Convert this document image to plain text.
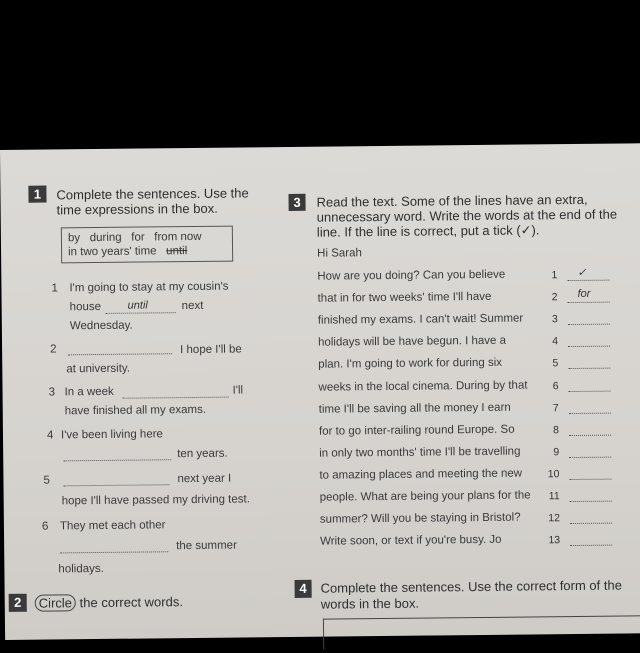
1	Complete the sentences. Use the
time expressions in the box.
by during for from now
in two years' time until
1 I'm going to stay at my cousin's
house until	next
Wednesday.
2	I hope I'll be
at university.
3 In a week	I'll
have finished all my exams.
4 I've been living here
ten years.
5	next year I
hope I'll have passed my driving test.
6 They met each other
the summer
holidays.
2	Circle the correct words.
3	Read the text. Some of the lines have an extra,
unnecessary word. Write the words at the end of the
line. If the line is correct, put a tick (✓).
Hi Sarah
How are you doing? Can you believe	1 ✓
that in for two weeks' time I'll have	2 for
finished my exams. I can't wait! Summer	3
holidays will be have begun. I have a	4
plan. I'm going to work for during six	5
weeks in the local cinema. During by that	6
time I'll be saving all the money I earn	7
for to go inter-railing round Europe. So	8
in only two months' time I'll be travelling	9
to amazing places and meeting the new	10
people. What are being your plans for the	11
summer? Will you be staying in Bristol?	12
Write soon, or text if you're busy. Jo	13
4	Complete the sentences. Use the correct form of the
words in the box.
